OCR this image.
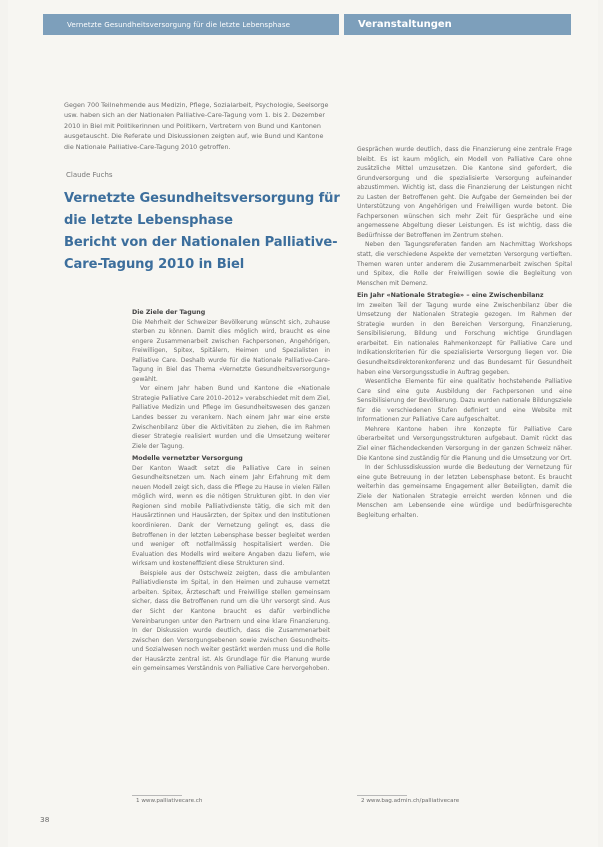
Vernetzte Gesundheitsversorgung für die letzte Lebensphase	Veranstaltungen
Gegen 700 Teilnehmende aus Medizin, Pflege, Sozialarbeit, Psychologie, Seelsorge usw. haben sich an der Nationalen Palliative-Care-Tagung vom 1. bis 2. Dezember 2010 in Biel mit Politikerinnen und Politikern, Vertretern von Bund und Kantonen ausgetauscht. Die Referate und Diskussionen zeigten auf, wie Bund und Kantone die Nationale Palliative-Care-Tagung 2010 getroffen.
Claude Fuchs
Vernetzte Gesundheitsversorgung für
die letzte Lebensphase
Bericht von der Nationalen Palliative-
Care-Tagung 2010 in Biel

Die Ziele der Tagung

Die Mehrheit der Schweizer Bevölkerung wünscht sich, zuhause sterben zu können. Damit dies möglich wird, braucht es eine engere Zusammenarbeit zwischen Fachpersonen, Angehörigen, Freiwilligen, Spitex, Spitälern, Heimen und Spezialisten in Palliative Care. Deshalb wurde für die Nationale Palliative-Care-Tagung in Biel das Thema «Vernetzte Gesundheitsversorgung» gewählt.

Vor einem Jahr haben Bund und Kantone die «Nationale Strategie Palliative Care 2010–2012» verabschiedet mit dem Ziel, Palliative Medizin und Pflege im Gesundheitswesen des ganzen Landes besser zu verankern. Nach einem Jahr war eine erste Zwischenbilanz über die Aktivitäten zu ziehen, die im Rahmen dieser Strategie realisiert wurden und die Umsetzung weiterer Ziele der Tagung.

Modelle vernetzter Versorgung

Der Kanton Waadt setzt die Palliative Care in seinen Gesundheitsnetzen um. Nach einem Jahr Erfahrung mit dem neuen Modell zeigt sich, dass die Pflege zu Hause in vielen Fällen möglich wird, wenn es die nötigen Strukturen gibt. In den vier Regionen sind mobile Palliativdienste tätig, die sich mit den Hausärztinnen und Hausärzten, der Spitex und den Institutionen koordinieren. Dank der Vernetzung gelingt es, dass die Betroffenen in der letzten Lebensphase besser begleitet werden und weniger oft notfallmässig hospitalisiert werden. Die Evaluation des Modells wird weitere Angaben dazu liefern, wie wirksam und kosteneffizient diese Strukturen sind.

Beispiele aus der Ostschweiz zeigten, dass die ambulanten Palliativdienste im Spital, in den Heimen und zuhause vernetzt arbeiten. Spitex, Ärzteschaft und Freiwillige stellen gemeinsam sicher, dass die Betroffenen rund um die Uhr versorgt sind. Aus der Sicht der Kantone braucht es dafür verbindliche Vereinbarungen unter den Partnern und eine klare Finanzierung. In der Diskussion wurde deutlich, dass die Zusammenarbeit zwischen den Versorgungsebenen sowie zwischen Gesundheits- und Sozialwesen noch weiter gestärkt werden muss und die Rolle der Hausärzte zentral ist. Als Grundlage für die Planung wurde ein gemeinsames Verständnis von Palliative Care hervorgehoben.

Gesprächen wurde deutlich, dass die Finanzierung eine zentrale Frage bleibt. Es ist kaum möglich, ein Modell von Palliative Care ohne zusätzliche Mittel umzusetzen. Die Kantone sind gefordert, die Grundversorgung und die spezialisierte Versorgung aufeinander abzustimmen. Wichtig ist, dass die Finanzierung der Leistungen nicht zu Lasten der Betroffenen geht. Die Aufgabe der Gemeinden bei der Unterstützung von Angehörigen und Freiwilligen wurde betont. Die Fachpersonen wünschen sich mehr Zeit für Gespräche und eine angemessene Abgeltung dieser Leistungen. Es ist wichtig, dass die Bedürfnisse der Betroffenen im Zentrum stehen.

Neben den Tagungsreferaten fanden am Nachmittag Workshops statt, die verschiedene Aspekte der vernetzten Versorgung vertieften. Themen waren unter anderem die Zusammenarbeit zwischen Spital und Spitex, die Rolle der Freiwilligen sowie die Begleitung von Menschen mit Demenz.

Ein Jahr «Nationale Strategie» – eine Zwischenbilanz

Im zweiten Teil der Tagung wurde eine Zwischenbilanz über die Umsetzung der Nationalen Strategie gezogen. Im Rahmen der Strategie wurden in den Bereichen Versorgung, Finanzierung, Sensibilisierung, Bildung und Forschung wichtige Grundlagen erarbeitet. Ein nationales Rahmenkonzept für Palliative Care und Indikationskriterien für die spezialisierte Versorgung liegen vor. Die Gesundheitsdirektorenkonferenz und das Bundesamt für Gesundheit haben eine Versorgungsstudie in Auftrag gegeben.

Wesentliche Elemente für eine qualitativ hochstehende Palliative Care sind eine gute Ausbildung der Fachpersonen und eine Sensibilisierung der Bevölkerung. Dazu wurden nationale Bildungsziele für die verschiedenen Stufen definiert und eine Website mit Informationen zur Palliative Care aufgeschaltet.

Mehrere Kantone haben ihre Konzepte für Palliative Care überarbeitet und Versorgungsstrukturen aufgebaut. Damit rückt das Ziel einer flächendeckenden Versorgung in der ganzen Schweiz näher. Die Kantone sind zuständig für die Planung und die Umsetzung vor Ort.

In der Schlussdiskussion wurde die Bedeutung der Vernetzung für eine gute Betreuung in der letzten Lebensphase betont. Es braucht weiterhin das gemeinsame Engagement aller Beteiligten, damit die Ziele der Nationalen Strategie erreicht werden können und die Menschen am Lebensende eine würdige und bedürfnisgerechte Begleitung erhalten.

1 www.palliativecare.ch	2 www.bag.admin.ch/palliativecare
38
